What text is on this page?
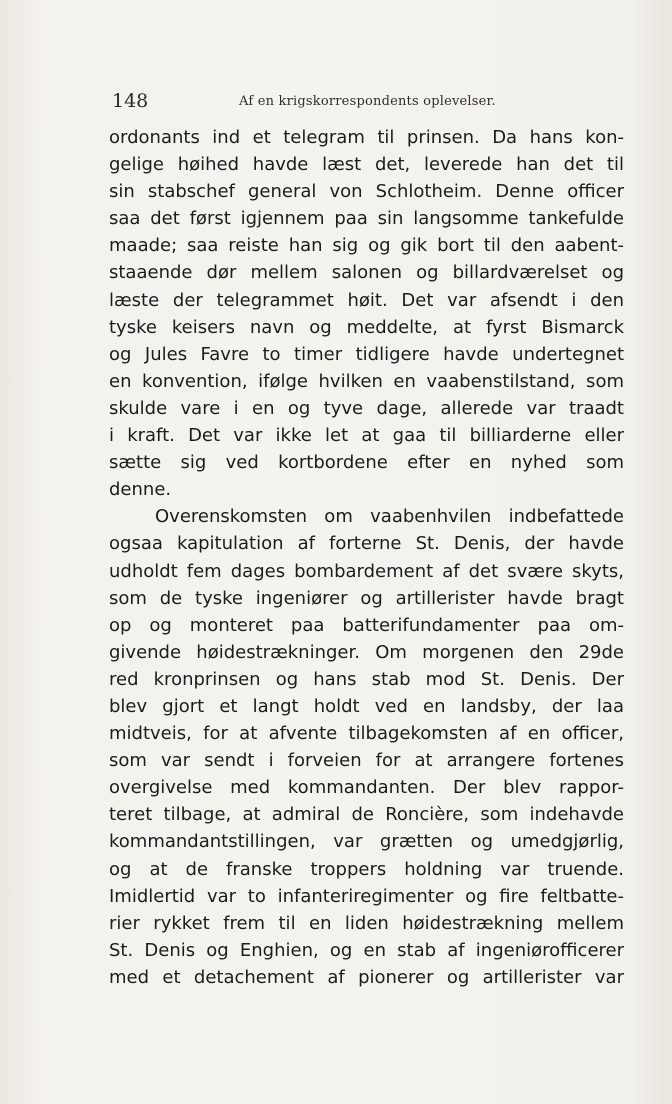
148	Af en krigskorrespondents oplevelser.
ordonants ind et telegram til prinsen. Da hans kon-
gelige høihed havde læst det, leverede han det til
sin stabschef general von Schlotheim. Denne officer
saa det først igjennem paa sin langsomme tankefulde
maade; saa reiste han sig og gik bort til den aabent-
staaende dør mellem salonen og billardværelset og
læste der telegrammet høit. Det var afsendt i den
tyske keisers navn og meddelte, at fyrst Bismarck
og Jules Favre to timer tidligere havde undertegnet
en konvention, ifølge hvilken en vaabenstilstand, som
skulde vare i en og tyve dage, allerede var traadt
i kraft. Det var ikke let at gaa til billiarderne eller
sætte sig ved kortbordene efter en nyhed som
denne.
Overenskomsten om vaabenhvilen indbefattede
ogsaa kapitulation af forterne St. Denis, der havde
udholdt fem dages bombardement af det svære skyts,
som de tyske ingeniører og artillerister havde bragt
op og monteret paa batterifundamenter paa om-
givende høidestrækninger. Om morgenen den 29de
red kronprinsen og hans stab mod St. Denis. Der
blev gjort et langt holdt ved en landsby, der laa
midtveis, for at afvente tilbagekomsten af en officer,
som var sendt i forveien for at arrangere fortenes
overgivelse med kommandanten. Der blev rappor-
teret tilbage, at admiral de Roncière, som indehavde
kommandantstillingen, var grætten og umedgjørlig,
og at de franske troppers holdning var truende.
Imidlertid var to infanteriregimenter og fire feltbatte-
rier rykket frem til en liden høidestrækning mellem
St. Denis og Enghien, og en stab af ingeniørofficerer
med et detachement af pionerer og artillerister var
